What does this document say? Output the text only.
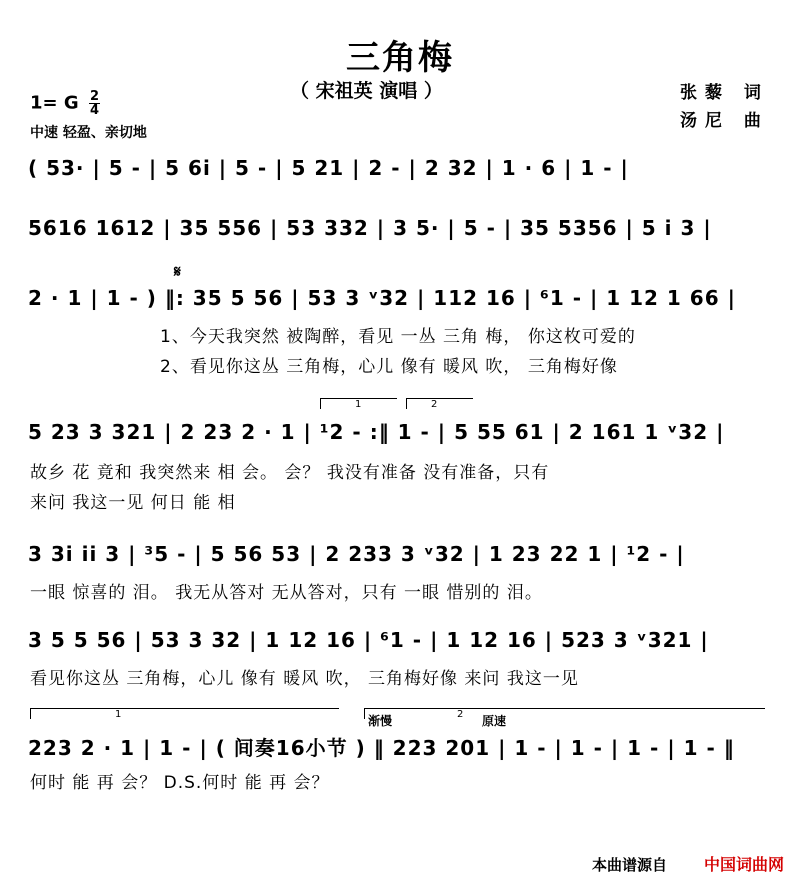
三角梅
（ 宋祖英 演唱 ）	张藜 词
汤尼 曲
1= G $\frac{2}{4}$
中速 轻盈、亲切地
( 53· | 5 - | 5 6i | 5 - | 5 21 | 2 - | 2 32 | 1 · 6 | 1 - |
5616 1612 | 35 556 | 53 332 | 3 5· | 5 - | 35 5356 | 5 i 3 |
𝄋
2 · 1 | 1 - ) ‖: 35 5 56 | 53 3 ᵛ32 | 112 16 | ⁶1 - | 1 12 1 66 |
1、今天我突然 被陶醉，看见 一丛 三角 梅， 你这枚可爱的
2、看见你这丛 三角梅，心儿 像有 暖风 吹， 三角梅好像
1	2
5 23 3 321 | 2 23 2 · 1 | ¹2 - :‖ 1 - | 5 55 61 | 2 161 1 ᵛ32 |
故乡 花 竟和 我突然来 相 会。 会？ 我没有准备 没有准备，只有
来问 我这一见 何日 能 相
3 3i ii 3 | ³5 - | 5 56 53 | 2 233 3 ᵛ32 | 1 23 22 1 | ¹2 - |
一眼 惊喜的 泪。 我无从答对 无从答对，只有 一眼 惜别的 泪。
3 5 5 56 | 53 3 32 | 1 12 16 | ⁶1 - | 1 12 16 | 523 3 ᵛ321 |
看见你这丛 三角梅，心儿 像有 暖风 吹， 三角梅好像 来问 我这一见
1	2
渐慢	原速
223 2 · 1 | 1 - | ( 间奏16小节 ) ‖ 223 201 | 1 - | 1 - | 1 - | 1 - ‖
何时 能 再 会？ D.S.何时 能 再 会？
本曲谱源自 中国词曲网
